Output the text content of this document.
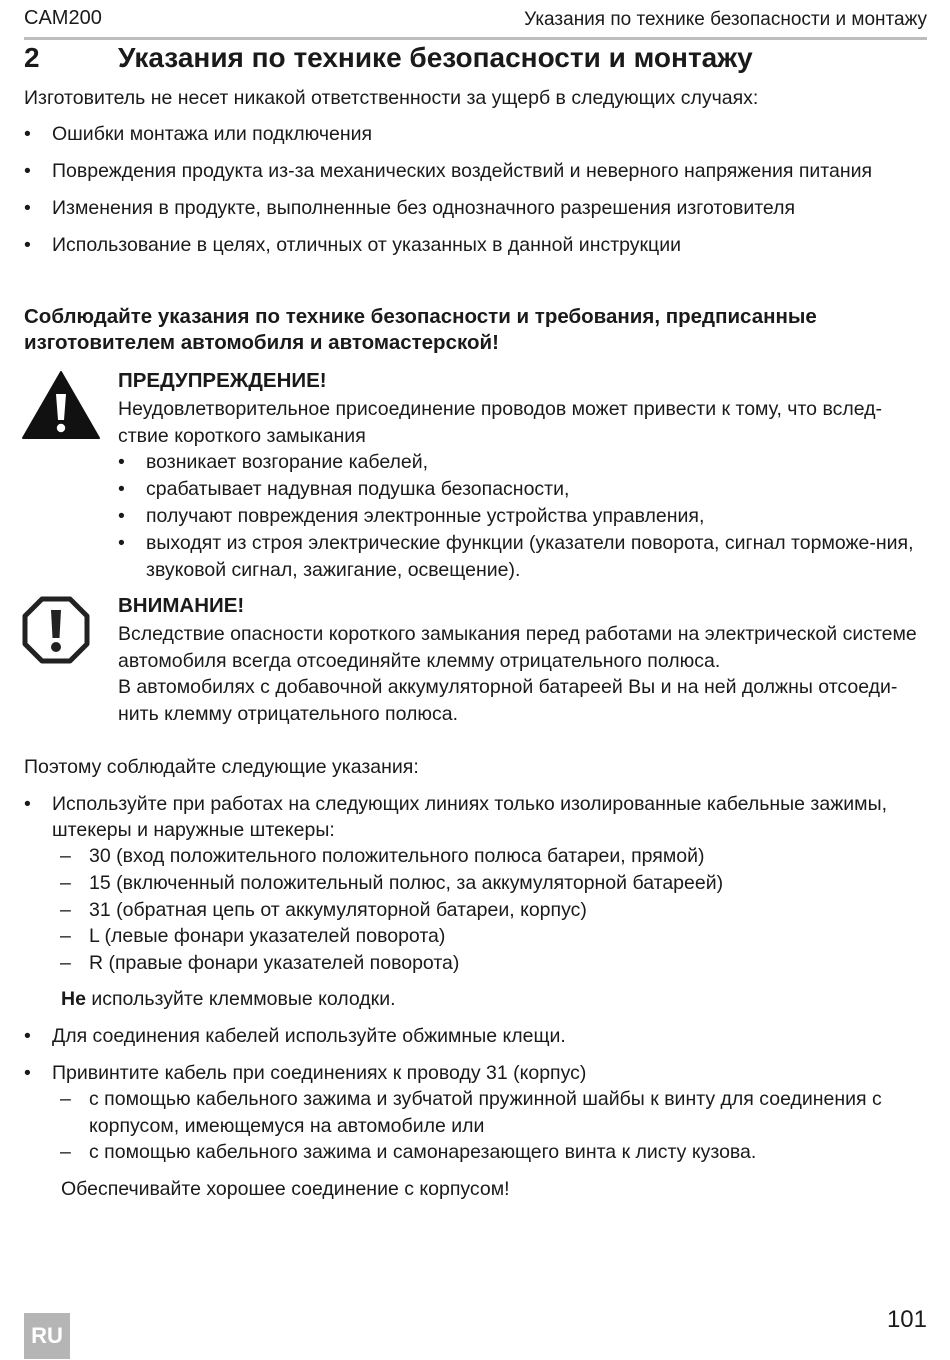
CAM200	Указания по технике безопасности и монтажу
2	Указания по технике безопасности и монтажу
Изготовитель не несет никакой ответственности за ущерб в следующих случаях:
• Ошибки монтажа или подключения
• Повреждения продукта из-за механических воздействий и неверного напряжения питания
• Изменения в продукте, выполненные без однозначного разрешения изготовителя
• Использование в целях, отличных от указанных в данной инструкции
Соблюдайте указания по технике безопасности и требования, предписанные изготовителем автомобиля и автомастерской!
ПРЕДУПРЕЖДЕНИЕ!
Неудовлетворительное присоединение проводов может привести к тому, что вслед-ствие короткого замыкания
• возникает возгорание кабелей,
• срабатывает надувная подушка безопасности,
• получают повреждения электронные устройства управления,
• выходят из строя электрические функции (указатели поворота, сигнал торможе-ния, звуковой сигнал, зажигание, освещение).
ВНИМАНИЕ!
Вследствие опасности короткого замыкания перед работами на электрической системе автомобиля всегда отсоединяйте клемму отрицательного полюса.
В автомобилях с добавочной аккумуляторной батареей Вы и на ней должны отсоеди-нить клемму отрицательного полюса.
Поэтому соблюдайте следующие указания:
• Используйте при работах на следующих линиях только изолированные кабельные зажимы, штекеры и наружные штекеры:
– 30 (вход положительного положительного полюса батареи, прямой)
– 15 (включенный положительный полюс, за аккумуляторной батареей)
– 31 (обратная цепь от аккумуляторной батареи, корпус)
– L (левые фонари указателей поворота)
– R (правые фонари указателей поворота)
Не используйте клеммовые колодки.
• Для соединения кабелей используйте обжимные клещи.
• Привинтите кабель при соединениях к проводу 31 (корпус)
– с помощью кабельного зажима и зубчатой пружинной шайбы к винту для соединения с корпусом, имеющемуся на автомобиле или
– с помощью кабельного зажима и самонарезающего винта к листу кузова.
Обеспечивайте хорошее соединение с корпусом!
RU
101
